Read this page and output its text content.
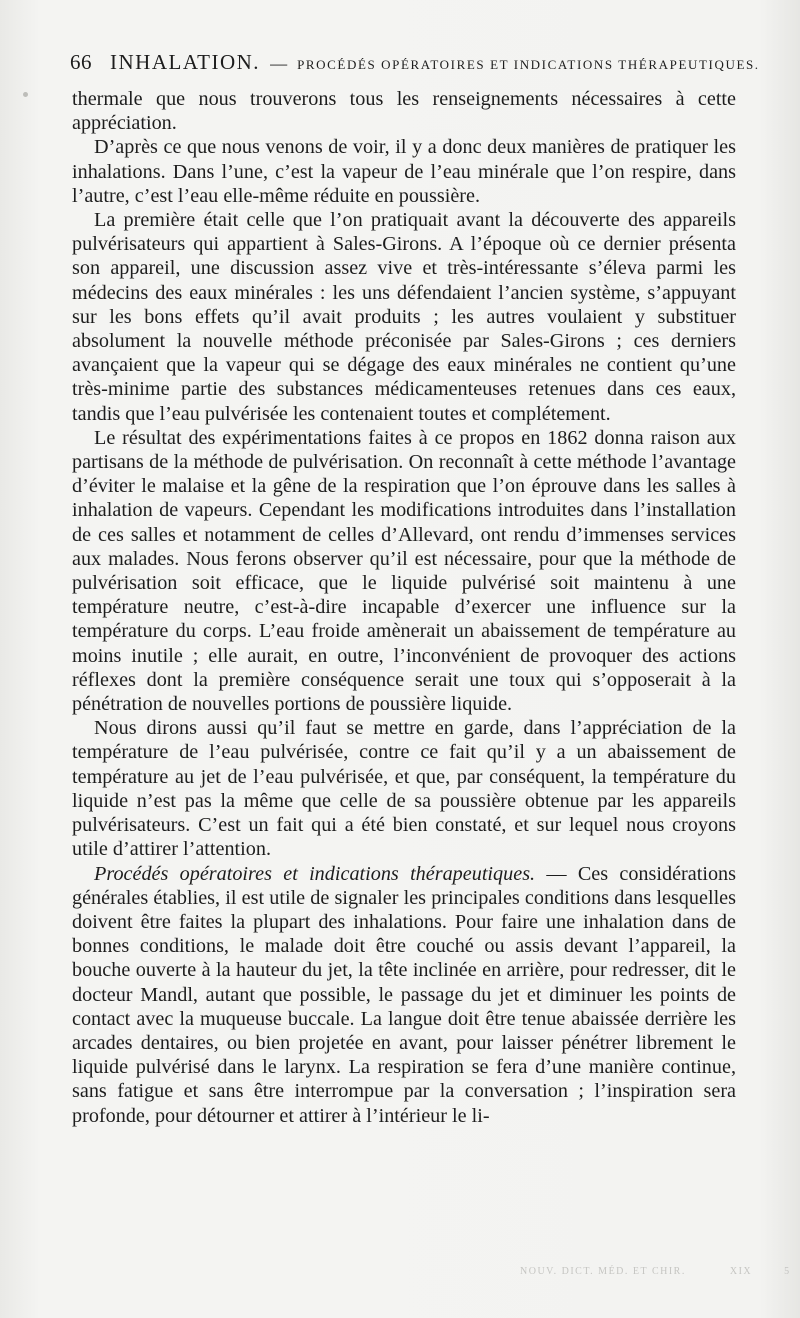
66 INHALATION. — PROCÉDÉS OPÉRATOIRES ET INDICATIONS THÉRAPEUTIQUES.

thermale que nous trouverons tous les renseignements nécessaires à cette appréciation.

D’après ce que nous venons de voir, il y a donc deux manières de pratiquer les inhalations. Dans l’une, c’est la vapeur de l’eau minérale que l’on respire, dans l’autre, c’est l’eau elle-même réduite en poussière.

La première était celle que l’on pratiquait avant la découverte des appareils pulvérisateurs qui appartient à Sales-Girons. A l’époque où ce dernier présenta son appareil, une discussion assez vive et très-intéressante s’éleva parmi les médecins des eaux minérales : les uns défendaient l’ancien système, s’appuyant sur les bons effets qu’il avait produits ; les autres voulaient y substituer absolument la nouvelle méthode préconisée par Sales-Girons ; ces derniers avançaient que la vapeur qui se dégage des eaux minérales ne contient qu’une très-minime partie des substances médicamenteuses retenues dans ces eaux, tandis que l’eau pulvérisée les contenaient toutes et complétement.

Le résultat des expérimentations faites à ce propos en 1862 donna raison aux partisans de la méthode de pulvérisation. On reconnaît à cette méthode l’avantage d’éviter le malaise et la gêne de la respiration que l’on éprouve dans les salles à inhalation de vapeurs. Cependant les modifications introduites dans l’installation de ces salles et notamment de celles d’Allevard, ont rendu d’immenses services aux malades. Nous ferons observer qu’il est nécessaire, pour que la méthode de pulvérisation soit efficace, que le liquide pulvérisé soit maintenu à une température neutre, c’est-à-dire incapable d’exercer une influence sur la température du corps. L’eau froide amènerait un abaissement de température au moins inutile ; elle aurait, en outre, l’inconvénient de provoquer des actions réflexes dont la première conséquence serait une toux qui s’opposerait à la pénétration de nouvelles portions de poussière liquide.

Nous dirons aussi qu’il faut se mettre en garde, dans l’appréciation de la température de l’eau pulvérisée, contre ce fait qu’il y a un abaissement de température au jet de l’eau pulvérisée, et que, par conséquent, la température du liquide n’est pas la même que celle de sa poussière obtenue par les appareils pulvérisateurs. C’est un fait qui a été bien constaté, et sur lequel nous croyons utile d’attirer l’attention.

Procédés opératoires et indications thérapeutiques. — Ces considérations générales établies, il est utile de signaler les principales conditions dans lesquelles doivent être faites la plupart des inhalations. Pour faire une inhalation dans de bonnes conditions, le malade doit être couché ou assis devant l’appareil, la bouche ouverte à la hauteur du jet, la tête inclinée en arrière, pour redresser, dit le docteur Mandl, autant que possible, le passage du jet et diminuer les points de contact avec la muqueuse buccale. La langue doit être tenue abaissée derrière les arcades dentaires, ou bien projetée en avant, pour laisser pénétrer librement le liquide pulvérisé dans le larynx. La respiration se fera d’une manière continue, sans fatigue et sans être interrompue par la conversation ; l’inspiration sera profonde, pour détourner et attirer à l’intérieur le li-

NOUV. DICT. MÉD. ET CHIR.	XIX	5
